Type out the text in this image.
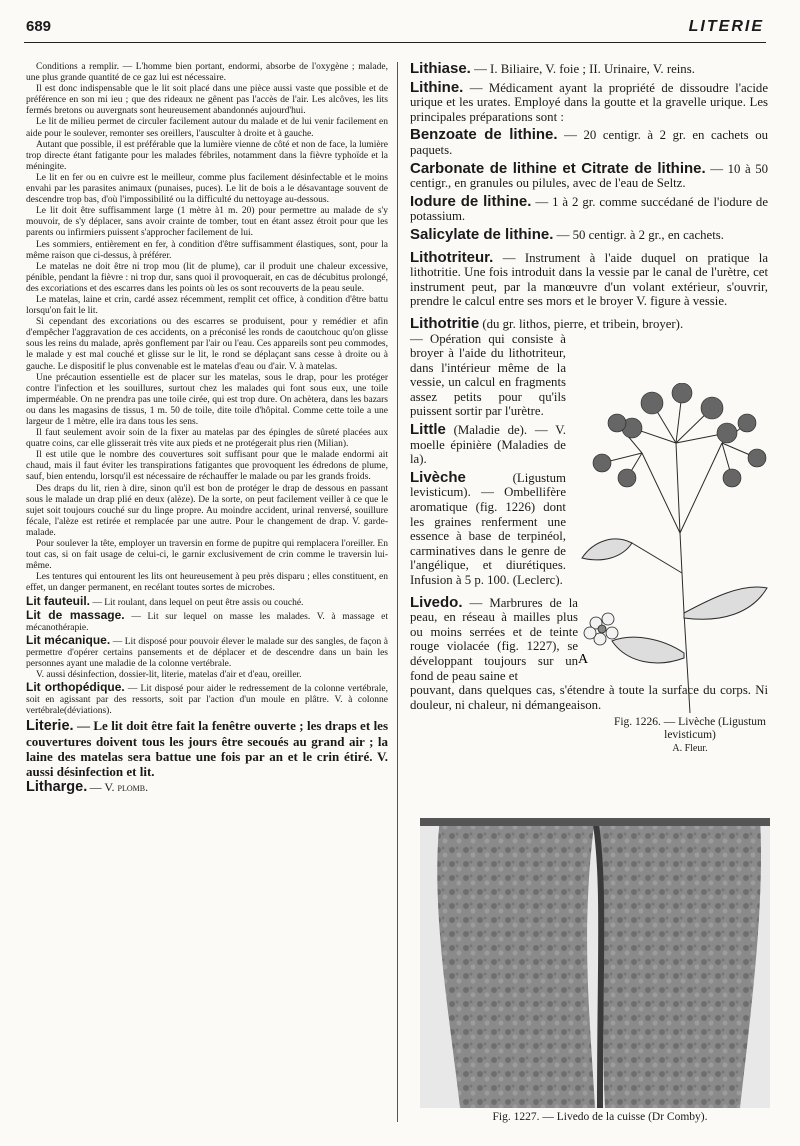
689	LITERIE

Conditions a remplir. — L'homme bien portant, endormi, absorbe de l'oxygène ; malade, une plus grande quantité de ce gaz lui est nécessaire.

Il est donc indispensable que le lit soit placé dans une pièce aussi vaste que possible et de préférence en son mi ieu ; que des rideaux ne gênent pas l'accès de l'air. Les alcôves, les lits fermés bretons ou auvergnats sont heureusement abandonnés aujourd'hui.

Le lit de milieu permet de circuler facilement autour du malade et de lui venir facilement en aide pour le soulever, remonter ses oreillers, l'ausculter à droite et à gauche.

Autant que possible, il est préférable que la lumière vienne de côté et non de face, la lumière trop directe étant fatigante pour les malades fébriles, notamment dans la fièvre typhoïde et la méningite.

Le lit en fer ou en cuivre est le meilleur, comme plus facilement désinfectable et le moins envahi par les parasites animaux (punaises, puces). Le lit de bois a le désavantage souvent de descendre trop bas, d'où l'impossibilité ou la difficulté du nettoyage au-dessous.

Le lit doit être suffisamment large (1 mètre à1 m. 20) pour permettre au malade de s'y mouvoir, de s'y déplacer, sans avoir crainte de tomber, tout en étant assez étroit pour que les parents ou infirmiers puissent s'approcher facilement de lui.

Les sommiers, entièrement en fer, à condition d'être suffisamment élastiques, sont, pour la même raison que ci-dessus, à préférer.

Le matelas ne doit être ni trop mou (lit de plume), car il produit une chaleur excessive, pénible, pendant la fièvre : ni trop dur, sans quoi il provoquerait, en cas de décubitus prolongé, des excoriations et des escarres dans les points où les os sont recouverts de la peau seule.

Le matelas, laine et crin, cardé assez récemment, remplit cet office, à condition d'être battu lorsqu'on fait le lit.

Si cependant des excoriations ou des escarres se produisent, pour y remédier et afin d'empêcher l'aggravation de ces accidents, on a préconisé les ronds de caoutchouc qu'on glisse sous les reins du malade, après gonflement par l'air ou l'eau. Ces appareils sont peu commodes, le malade y est mal couché et glisse sur le lit, le rond se déplaçant sans cesse à droite ou à gauche. Le dispositif le plus convenable est le matelas d'eau ou d'air. V. à matelas.

Une précaution essentielle est de placer sur les matelas, sous le drap, pour les protéger contre l'infection et les souillures, surtout chez les malades qui font sous eux, une toile imperméable. On ne prendra pas une toile cirée, qui est trop dure. On achètera, dans les bazars ou dans les magasins de tissus, 1 m. 50 de toile, dite toile d'hôpital. Comme cette toile a une largeur de 1 mètre, elle ira dans tous les sens.

Il faut seulement avoir soin de la fixer au matelas par des épingles de sûreté placées aux quatre coins, car elle glisserait très vite aux pieds et ne protégerait plus rien (Milian).

Il est utile que le nombre des couvertures soit suffisant pour que le malade endormi ait chaud, mais il faut éviter les transpirations fatigantes que provoquent les édredons de plume, sauf, bien entendu, lorsqu'il est nécessaire de réchauffer le malade ou par les grands froids.

Des draps du lit, rien à dire, sinon qu'il est bon de protéger le drap de dessous en passant sous le malade un drap plié en deux (alèze). De la sorte, on peut facilement veiller à ce que le sujet soit toujours couché sur du linge propre. Au moindre accident, urinal renversé, souillure fécale, l'alèze est retirée et remplacée par une autre. Pour le changement de drap. V. garde-malade.

Pour soulever la tête, employer un traversin en forme de pupitre qui remplacera l'oreiller. En tout cas, si on fait usage de celui-ci, le garnir exclusivement de crin comme le traversin lui-même.

Les tentures qui entourent les lits ont heureusement à peu près disparu ; elles constituent, en effet, un danger permanent, en recélant toutes sortes de microbes.

Lit fauteuil. — Lit roulant, dans lequel on peut être assis ou couché.

Lit de massage. — Lit sur lequel on masse les malades. V. à massage et mécanothérapie.

Lit mécanique. — Lit disposé pour pouvoir élever le malade sur des sangles, de façon à permettre d'opérer certains pansements et de déplacer et de descendre dans un bain les personnes ayant une maladie de la colonne vertébrale.

V. aussi désinfection, dossier-lit, literie, matelas d'air et d'eau, oreiller.

Lit orthopédique. — Lit disposé pour aider le redressement de la colonne vertébrale, soit en agissant par des ressorts, soit par l'action d'un moule en plâtre. V. à colonne vertébrale(déviations).

Literie. — Le lit doit être fait la fenêtre ouverte ; les draps et les couvertures doivent tous les jours être secoués au grand air ; la laine des matelas sera battue une fois par an et le crin étiré. V. aussi désinfection et lit.

Litharge. — V. plomb.

Lithiase. — I. Biliaire, V. foie ; II. Urinaire, V. reins.

Lithine. — Médicament ayant la propriété de dissoudre l'acide urique et les urates. Employé dans la goutte et la gravelle urique. Les principales préparations sont :

Benzoate de lithine. — 20 centigr. à 2 gr. en cachets ou paquets.

Carbonate de lithine et Citrate de lithine. — 10 à 50 centigr., en granules ou pilules, avec de l'eau de Seltz.

Iodure de lithine. — 1 à 2 gr. comme succédané de l'iodure de potassium.

Salicylate de lithine. — 50 centigr. à 2 gr., en cachets.

Lithotriteur. — Instrument à l'aide duquel on pratique la lithotritie. Une fois introduit dans la vessie par le canal de l'urètre, cet instrument peut, par la manœuvre d'un volant extérieur, s'ouvrir, prendre le calcul entre ses mors et le broyer V. figure à vessie.

Lithotritie (du gr. lithos, pierre, et tribein, broyer).

— Opération qui consiste à broyer à l'aide du lithotriteur, dans l'intérieur même de la vessie, un calcul en fragments assez petits pour qu'ils puissent sortir par l'urètre.

Little (Maladie de). — V. moelle épinière (Maladies de la).

Livèche	(Ligustum levisticum). — Ombellifère aromatique (fig. 1226) dont les graines renferment une essence à base de terpinéol, carminatives dans le genre de l'angélique, et diurétiques. Infusion à 5 p. 100. (Leclerc).

Livedo. — Marbrures de la peau, en réseau à mailles plus ou moins serrées et de teinte rouge violacée (fig. 1227), se développant toujours sur un fond de peau saine et

pouvant, dans quelques cas, s'étendre à toute la surface du corps. Ni douleur, ni chaleur, ni démangeaison.

A
Fig. 1226. — Livèche (Ligustum levisticum)
A. Fleur.
Fig. 1227. — Livedo de la cuisse (Dr Comby).
